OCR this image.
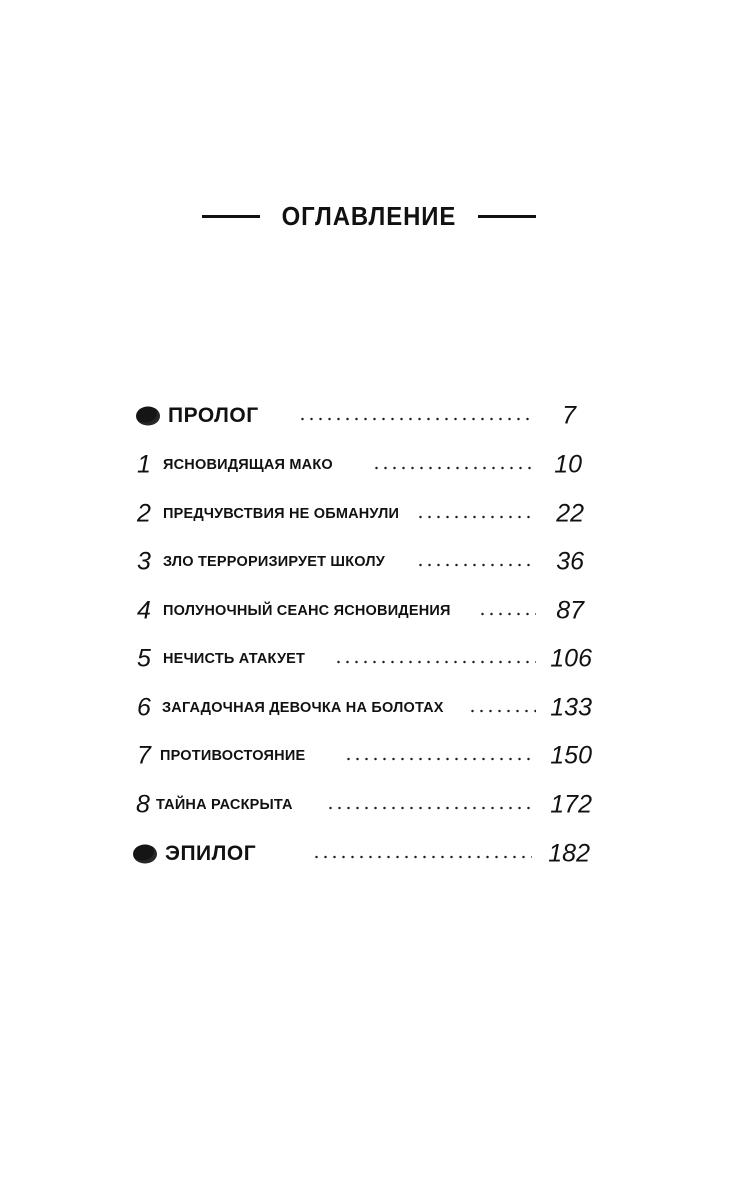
ОГЛАВЛЕНИЕ
ПРОЛОГ	7
1 ЯСНОВИДЯЩАЯ МАКО	10
2 ПРЕДЧУВСТВИЯ НЕ ОБМАНУЛИ	22
3 ЗЛО ТЕРРОРИЗИРУЕТ ШКОЛУ	36
4 ПОЛУНОЧНЫЙ СЕАНС ЯСНОВИДЕНИЯ	87
5 НЕЧИСТЬ АТАКУЕТ	106
6 ЗАГАДОЧНАЯ ДЕВОЧКА НА БОЛОТАХ	133
7 ПРОТИВОСТОЯНИЕ	150
8 ТАЙНА РАСКРЫТА	172
ЭПИЛОГ	182
